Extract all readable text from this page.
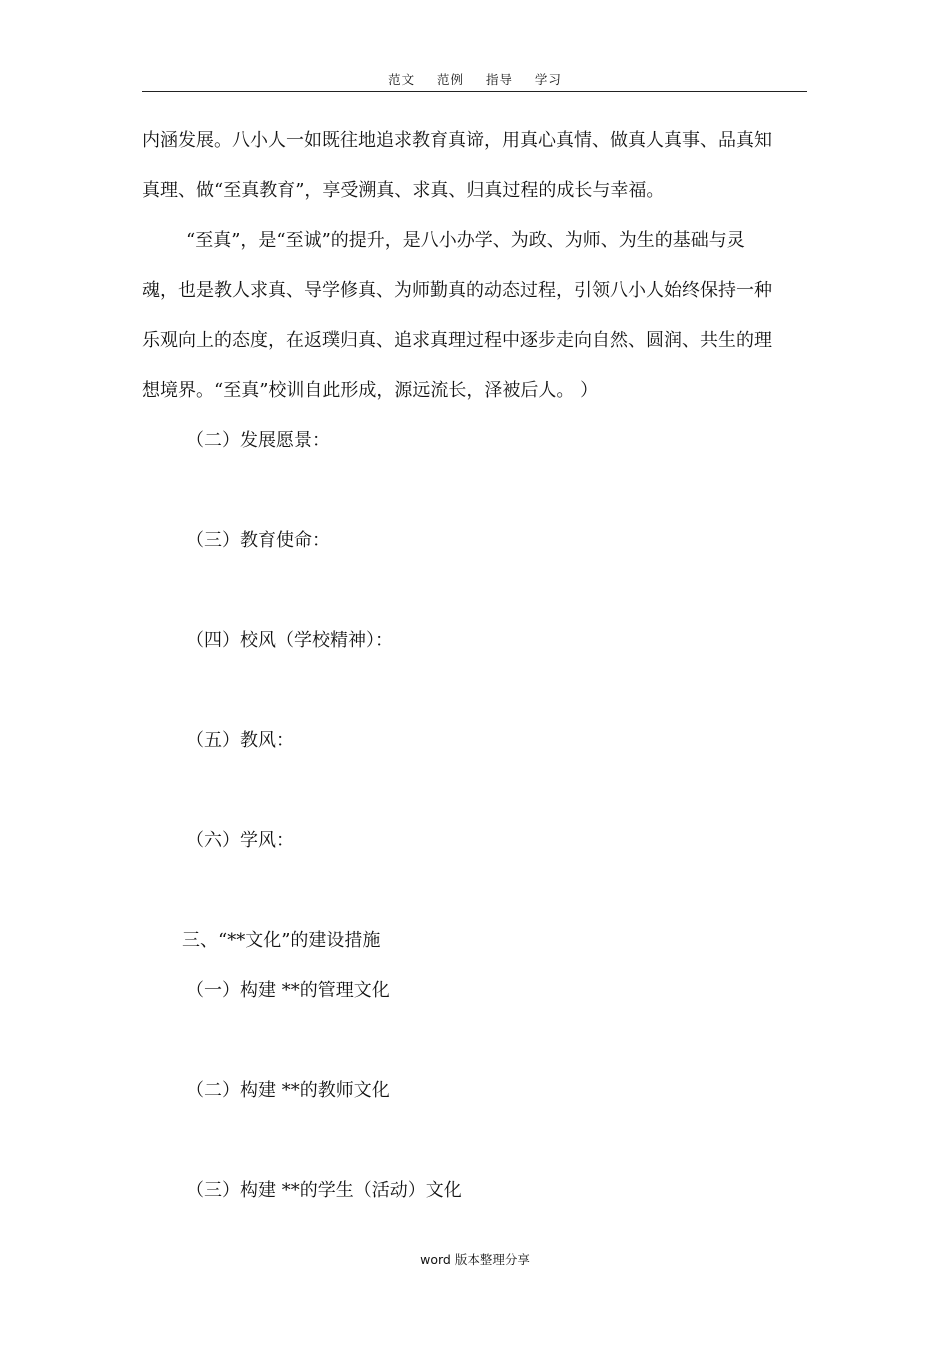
范文  范例  指导  学习
内涵发展。八小人一如既往地追求教育真谛，用真心真情、做真人真事、品真知
真理、做“至真教育”，享受溯真、求真、归真过程的成长与幸福。
“至真”，是“至诚”的提升，是八小办学、为政、为师、为生的基础与灵
魂，也是教人求真、导学修真、为师勤真的动态过程，引领八小人始终保持一种
乐观向上的态度，在返璞归真、追求真理过程中逐步走向自然、圆润、共生的理
想境界。“至真”校训自此形成，源远流长，泽被后人。 ）
（二）发展愿景：
（三）教育使命：
（四）校风（学校精神）：
（五）教风：
（六）学风：
三、“**文化”的建设措施
（一）构建 **的管理文化
（二）构建 **的教师文化
（三）构建 **的学生（活动）文化
word 版本整理分享
